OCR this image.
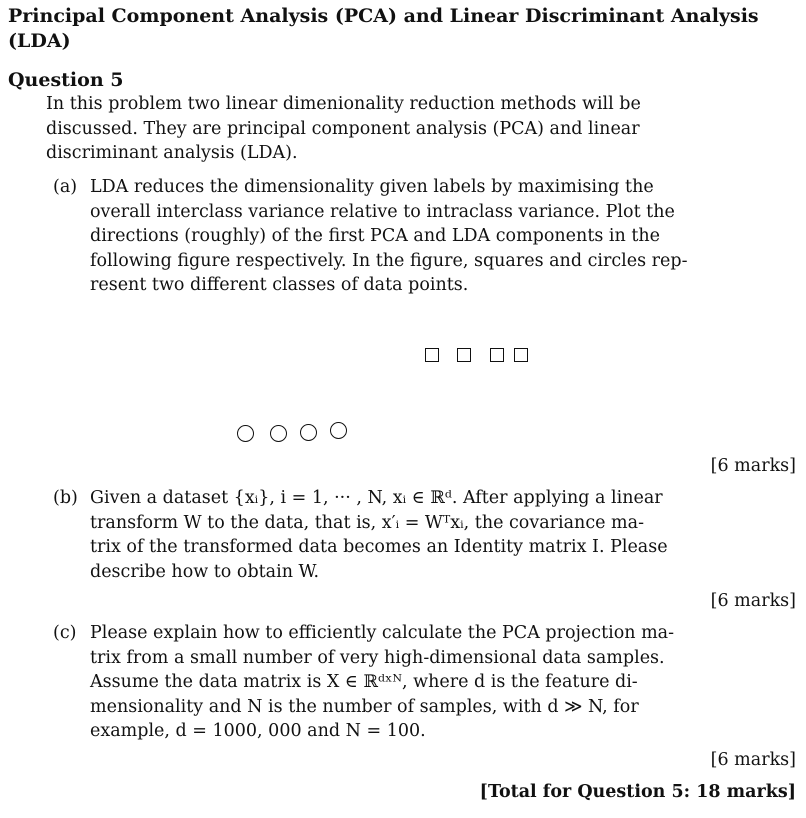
Principal Component Analysis (PCA) and Linear Discriminant Analysis
(LDA)
Question 5
In this problem two linear dimenionality reduction methods will be
discussed. They are principal component analysis (PCA) and linear
discriminant analysis (LDA).
(a) LDA reduces the dimensionality given labels by maximising the
overall interclass variance relative to intraclass variance. Plot the
directions (roughly) of the first PCA and LDA components in the
following figure respectively. In the figure, squares and circles rep-
resent two different classes of data points.
[6 marks]
(b) Given a dataset {xᵢ}, i = 1, ··· , N, xᵢ ∈ ℝᵈ. After applying a linear
transform W to the data, that is, x′ᵢ = Wᵀxᵢ, the covariance ma-
trix of the transformed data becomes an Identity matrix I. Please
describe how to obtain W.
[6 marks]
(c) Please explain how to efficiently calculate the PCA projection ma-
trix from a small number of very high-dimensional data samples.
Assume the data matrix is X ∈ ℝᵈˣᴺ, where d is the feature di-
mensionality and N is the number of samples, with d ≫ N, for
example, d = 1000, 000 and N = 100.
[6 marks]
[Total for Question 5: 18 marks]
